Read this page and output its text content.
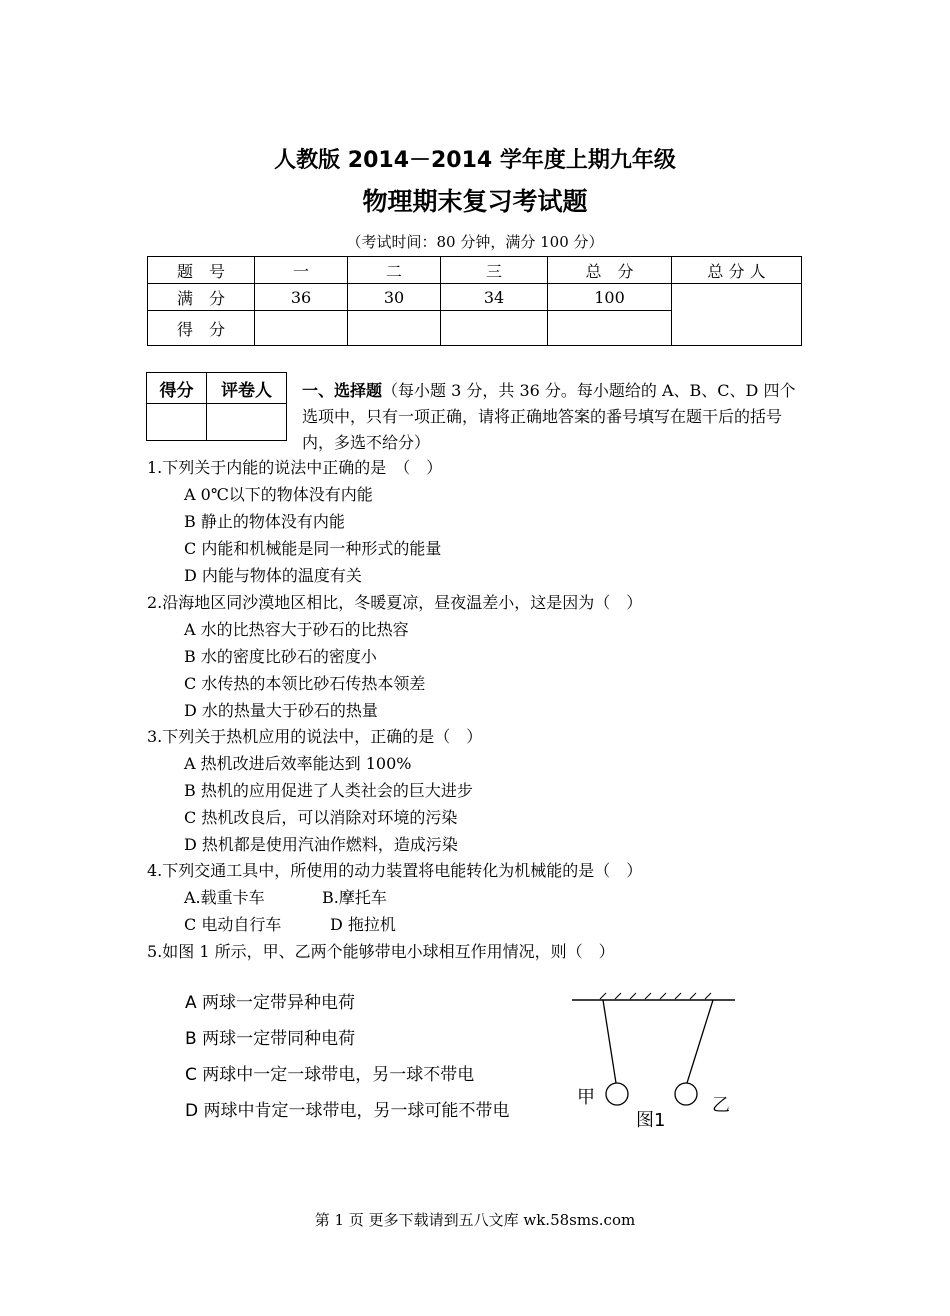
人教版 2014－2014 学年度上期九年级
物理期末复习考试题
（考试时间：80 分钟，满分 100 分）
题　号	一	二	三	总　分	总 分 人
满　分	36	30	34	100	
得　分					
得分	评卷人
	一、选择题（每小题 3 分，共 36 分。每小题给的 A、B、C、D 四个选项中，只有一项正确，请将正确地答案的番号填写在题干后的括号内，多选不给分）
1.下列关于内能的说法中正确的是　（　）
A 0℃以下的物体没有内能
B 静止的物体没有内能
C 内能和机械能是同一种形式的能量
D 内能与物体的温度有关
2.沿海地区同沙漠地区相比，冬暖夏凉，昼夜温差小，这是因为（　）
A 水的比热容大于砂石的比热容
B 水的密度比砂石的密度小
C 水传热的本领比砂石传热本领差
D 水的热量大于砂石的热量
3.下列关于热机应用的说法中，正确的是（　）
A 热机改进后效率能达到 100%
B 热机的应用促进了人类社会的巨大进步
C 热机改良后，可以消除对环境的污染
D 热机都是使用汽油作燃料，造成污染
4.下列交通工具中，所使用的动力装置将电能转化为机械能的是（　）
A.载重卡车	B.摩托车
C 电动自行车	D 拖拉机
5.如图 1 所示，甲、乙两个能够带电小球相互作用情况，则（　）
A 两球一定带异种电荷
B 两球一定带同种电荷
C 两球中一定一球带电，另一球不带电
D 两球中肯定一球带电，另一球可能不带电
甲	乙
图1
第 1 页 更多下载请到五八文库 wk.58sms.com
